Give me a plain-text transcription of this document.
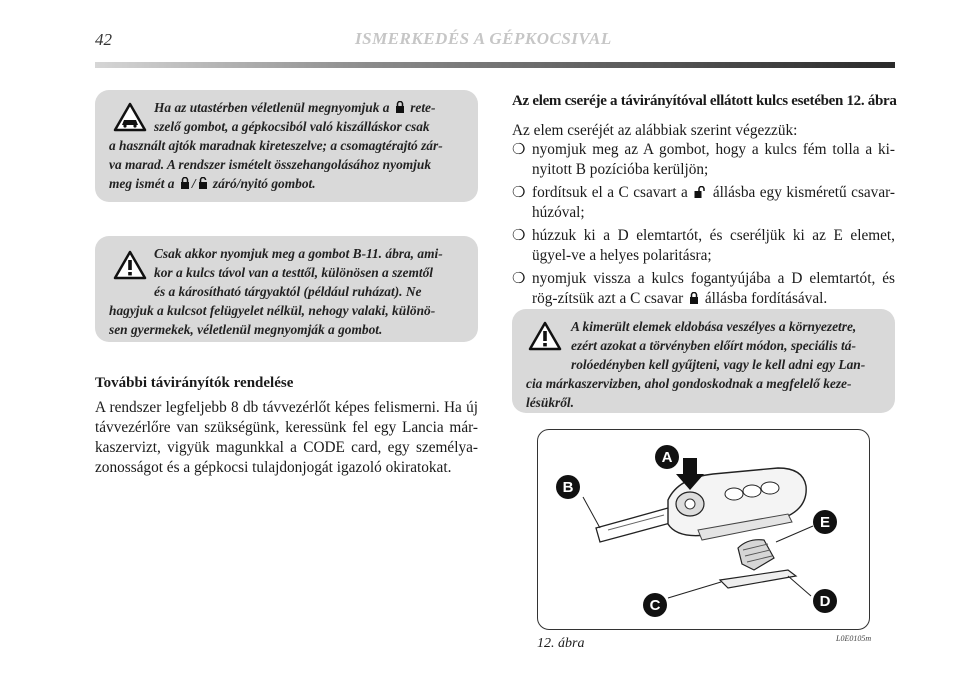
42	ISMERKEDÉS A GÉPKOCSIVAL

Ha az utastérben véletlenül megnyomjuk a rete-

szelő gombot, a gépkocsiból való kiszálláskor csak

a használt ajtók maradnak kireteszelve; a csomagtérajtó zár-

va marad. A rendszer ismételt összehangolásához nyomjuk

meg ismét a / záró/nyitó gombot.

Csak akkor nyomjuk meg a gombot B-11. ábra, ami-

kor a kulcs távol van a testtől, különösen a szemtől

és a károsítható tárgyaktól (például ruházat). Ne

hagyjuk a kulcsot felügyelet nélkül, nehogy valaki, különö-

sen gyermekek, véletlenül megnyomják a gombot.

További távirányítók rendelése
A rendszer legfeljebb 8 db távvezérlőt képes felismerni. Ha új távvezérlőre van szükségünk, keressünk fel egy Lancia már-kaszervizt, vigyük magunkkal a CODE card, egy személya-zonosságot és a gépkocsi tulajdonjogát igazoló okiratokat.
Az elem cseréje a távirányítóval ellátott kulcs esetében 12. ábra
Az elem cseréjét az alábbiak szerint végezzük:
❍ nyomjuk meg az A gombot, hogy a kulcs fém tolla a ki-nyitott B pozícióba kerüljön;
❍ fordítsuk el a C csavart a állásba egy kisméretű csavar-húzóval;
❍ húzzuk ki a D elemtartót, és cseréljük ki az E elemet, ügyel-ve a helyes polaritásra;
❍ nyomjuk vissza a kulcs fogantyújába a D elemtartót, és rög-zítsük azt a C csavar állásba fordításával.

A kimerült elemek eldobása veszélyes a környezetre,

ezért azokat a törvényben előírt módon, speciális tá-

rolóedényben kell gyűjteni, vagy le kell adni egy Lan-

cia márkaszervizben, ahol gondoskodnak a megfelelő keze-

lésükről.

A
B
C	D
E
12. ábra	L0E0105m
